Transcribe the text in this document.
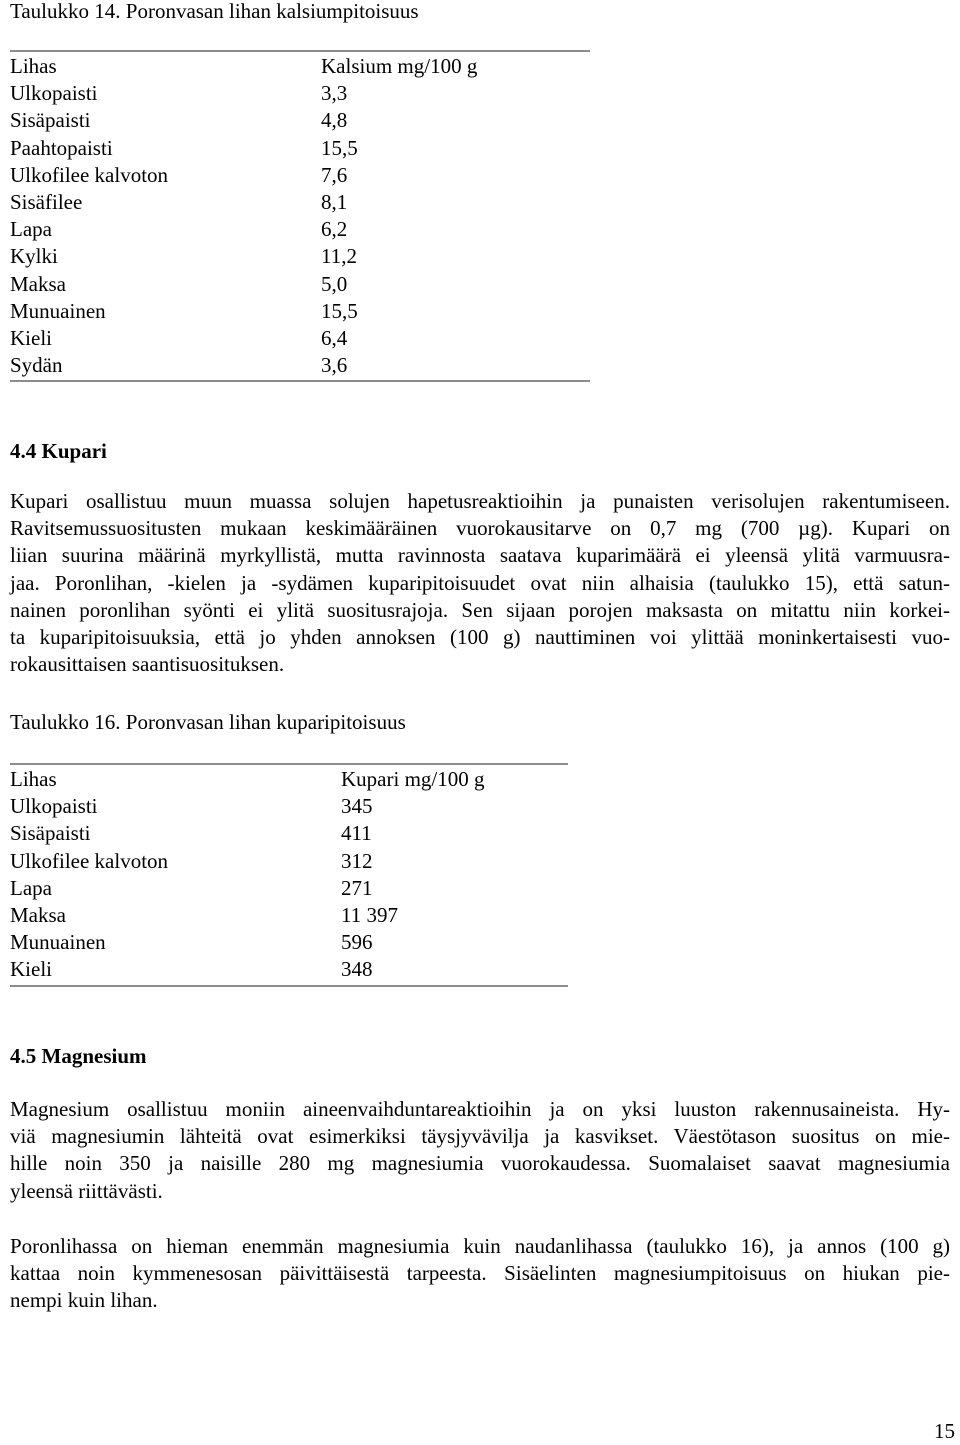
Taulukko 14. Poronvasan lihan kalsiumpitoisuus

Lihas	Kalsium mg/100 g
Ulkopaisti	3,3
Sisäpaisti	4,8
Paahtopaisti	15,5
Ulkofilee kalvoton	7,6
Sisäfilee	8,1
Lapa	6,2
Kylki	11,2
Maksa	5,0
Munuainen	15,5
Kieli	6,4
Sydän	3,6
4.4 Kupari
Kupari osallistuu muun muassa solujen hapetusreaktioihin ja punaisten verisolujen rakentumiseen.
Ravitsemussuositusten mukaan keskimääräinen vuorokausitarve on 0,7 mg (700 µg). Kupari on
liian suurina määrinä myrkyllistä, mutta ravinnosta saatava kuparimäärä ei yleensä ylitä varmuusra-
jaa. Poronlihan, -kielen ja -sydämen kuparipitoisuudet ovat niin alhaisia (taulukko 15), että satun-
nainen poronlihan syönti ei ylitä suositusrajoja. Sen sijaan porojen maksasta on mitattu niin korkei-
ta kuparipitoisuuksia, että jo yhden annoksen (100 g) nauttiminen voi ylittää moninkertaisesti vuo-
rokausittaisen saantisuosituksen.

Taulukko 16. Poronvasan lihan kuparipitoisuus

Lihas	Kupari mg/100 g
Ulkopaisti	345
Sisäpaisti	411
Ulkofilee kalvoton	312
Lapa	271
Maksa	11 397
Munuainen	596
Kieli	348
4.5 Magnesium
Magnesium osallistuu moniin aineenvaihduntareaktioihin ja on yksi luuston rakennusaineista. Hy-
viä magnesiumin lähteitä ovat esimerkiksi täysjyvävilja ja kasvikset. Väestötason suositus on mie-
hille noin 350 ja naisille 280 mg magnesiumia vuorokaudessa. Suomalaiset saavat magnesiumia
yleensä riittävästi.
Poronlihassa on hieman enemmän magnesiumia kuin naudanlihassa (taulukko 16), ja annos (100 g)
kattaa noin kymmenesosan päivittäisestä tarpeesta. Sisäelinten magnesiumpitoisuus on hiukan pie-
nempi kuin lihan.

15
